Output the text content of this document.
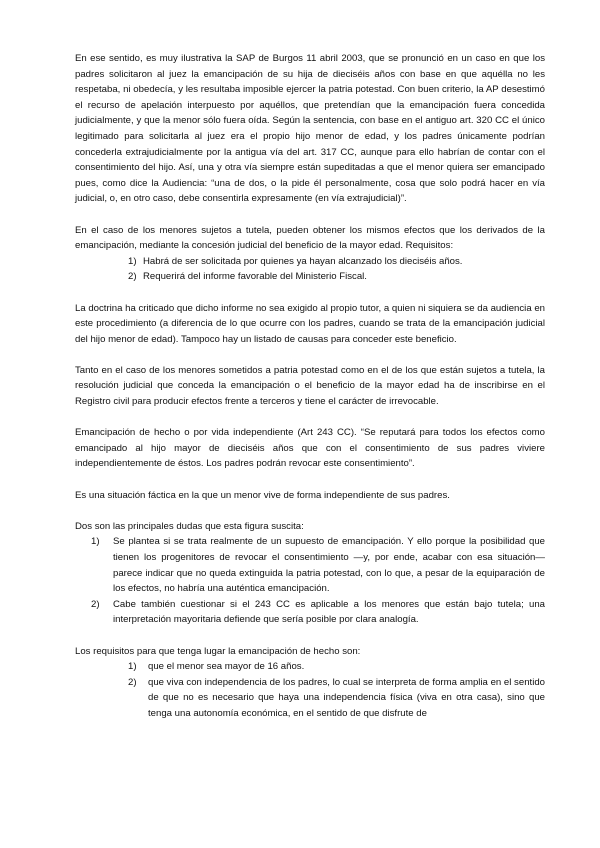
En ese sentido, es muy ilustrativa la SAP de Burgos 11 abril 2003, que se pronunció en un caso en que los padres solicitaron al juez la emancipación de su hija de dieciséis años con base en que aquélla no les respetaba, ni obedecía, y les resultaba imposible ejercer la patria potestad. Con buen criterio, la AP desestimó el recurso de apelación interpuesto por aquéllos, que pretendían que la emancipación fuera concedida judicialmente, y que la menor sólo fuera oída. Según la sentencia, con base en el antiguo art. 320 CC el único legitimado para solicitarla al juez era el propio hijo menor de edad, y los padres únicamente podrían concederla extrajudicialmente por la antigua vía del art. 317 CC, aunque para ello habrían de contar con el consentimiento del hijo. Así, una y otra vía siempre están supeditadas a que el menor quiera ser emancipado pues, como dice la Audiencia: “una de dos, o la pide él personalmente, cosa que solo podrá hacer en vía judicial, o, en otro caso, debe consentirla expresamente (en vía extrajudicial)”.

En el caso de los menores sujetos a tutela, pueden obtener los mismos efectos que los derivados de la emancipación, mediante la concesión judicial del beneficio de la mayor edad. Requisitos:

1) Habrá de ser solicitada por quienes ya hayan alcanzado los dieciséis años.
2) Requerirá del informe favorable del Ministerio Fiscal.

La doctrina ha criticado que dicho informe no sea exigido al propio tutor, a quien ni siquiera se da audiencia en este procedimiento (a diferencia de lo que ocurre con los padres, cuando se trata de la emancipación judicial del hijo menor de edad). Tampoco hay un listado de causas para conceder este beneficio.

Tanto en el caso de los menores sometidos a patria potestad como en el de los que están sujetos a tutela, la resolución judicial que conceda la emancipación o el beneficio de la mayor edad ha de inscribirse en el Registro civil para producir efectos frente a terceros y tiene el carácter de irrevocable.

Emancipación de hecho o por vida independiente (Art 243 CC). “Se reputará para todos los efectos como emancipado al hijo mayor de dieciséis años que con el consentimiento de sus padres viviere independientemente de éstos. Los padres podrán revocar este consentimiento”.

Es una situación fáctica en la que un menor vive de forma independiente de sus padres.

Dos son las principales dudas que esta figura suscita:

1)	Se plantea si se trata realmente de un supuesto de emancipación. Y ello porque la posibilidad que tienen los progenitores de revocar el consentimiento —y, por ende, acabar con esa situación— parece indicar que no queda extinguida la patria potestad, con lo que, a pesar de la equiparación de los efectos, no habría una auténtica emancipación.
2)	Cabe también cuestionar si el 243 CC es aplicable a los menores que están bajo tutela; una interpretación mayoritaria defiende que sería posible por clara analogía.

Los requisitos para que tenga lugar la emancipación de hecho son:

1)	que el menor sea mayor de 16 años.
2)	que viva con independencia de los padres, lo cual se interpreta de forma amplia en el sentido de que no es necesario que haya una independencia física (viva en otra casa), sino que tenga una autonomía económica, en el sentido de que disfrute de
